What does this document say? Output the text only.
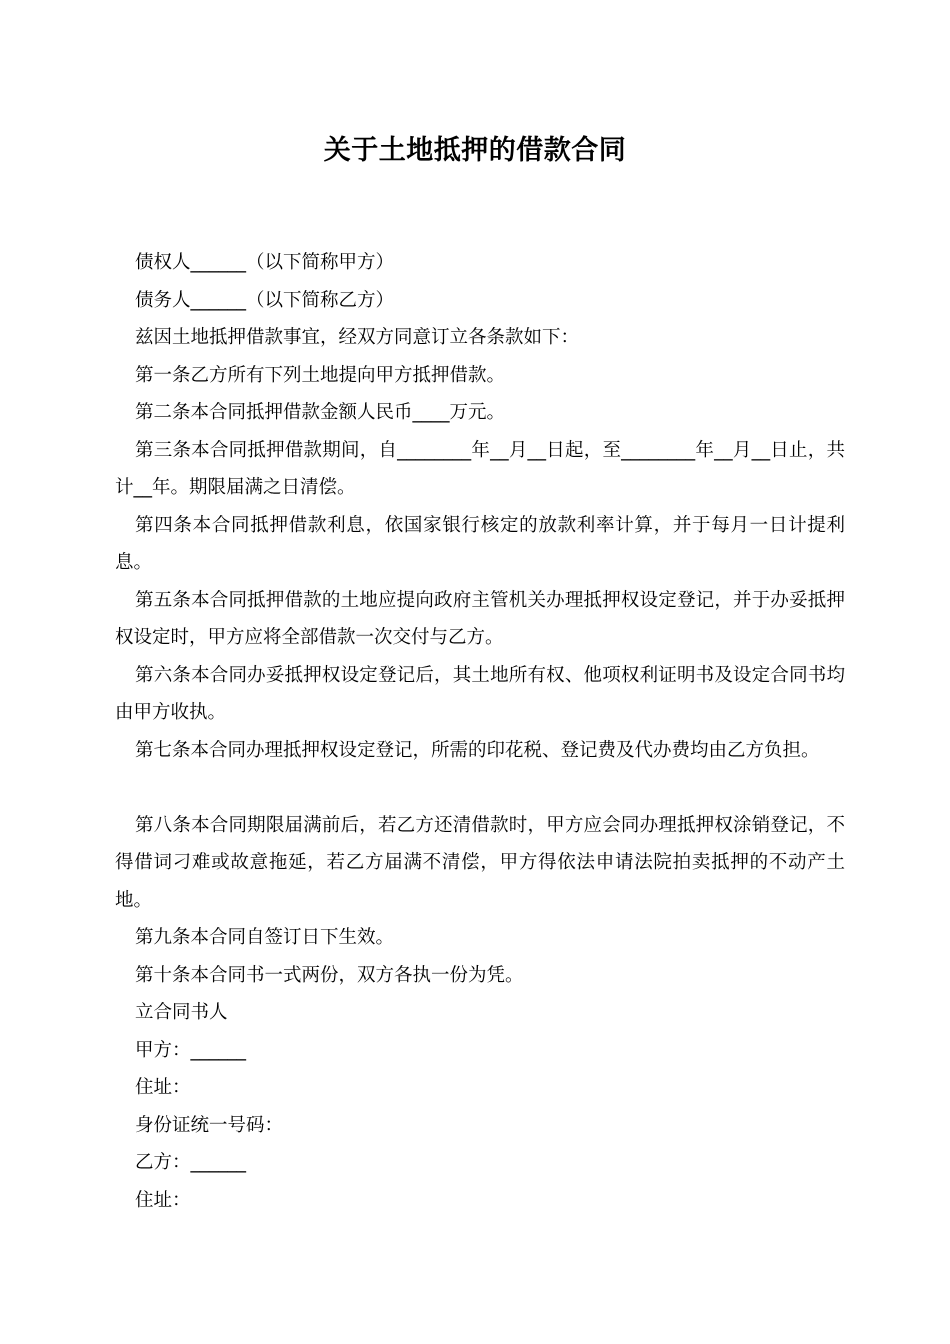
关于土地抵押的借款合同

债权人______（以下简称甲方）

债务人______（以下简称乙方）

兹因土地抵押借款事宜，经双方同意订立各条款如下：

第一条乙方所有下列土地提向甲方抵押借款。

第二条本合同抵押借款金额人民币____万元。

第三条本合同抵押借款期间，自________年__月__日起，至________年__月__日止，共计__年。期限届满之日清偿。

第四条本合同抵押借款利息，依国家银行核定的放款利率计算，并于每月一日计提利息。

第五条本合同抵押借款的土地应提向政府主管机关办理抵押权设定登记，并于办妥抵押权设定时，甲方应将全部借款一次交付与乙方。

第六条本合同办妥抵押权设定登记后，其土地所有权、他项权利证明书及设定合同书均由甲方收执。

第七条本合同办理抵押权设定登记，所需的印花税、登记费及代办费均由乙方负担。

第八条本合同期限届满前后，若乙方还清借款时，甲方应会同办理抵押权涂销登记，不得借词刁难或故意拖延，若乙方届满不清偿，甲方得依法申请法院拍卖抵押的不动产土地。

第九条本合同自签订日下生效。

第十条本合同书一式两份，双方各执一份为凭。

立合同书人

甲方：______

住址：

身份证统一号码：

乙方：______

住址：
